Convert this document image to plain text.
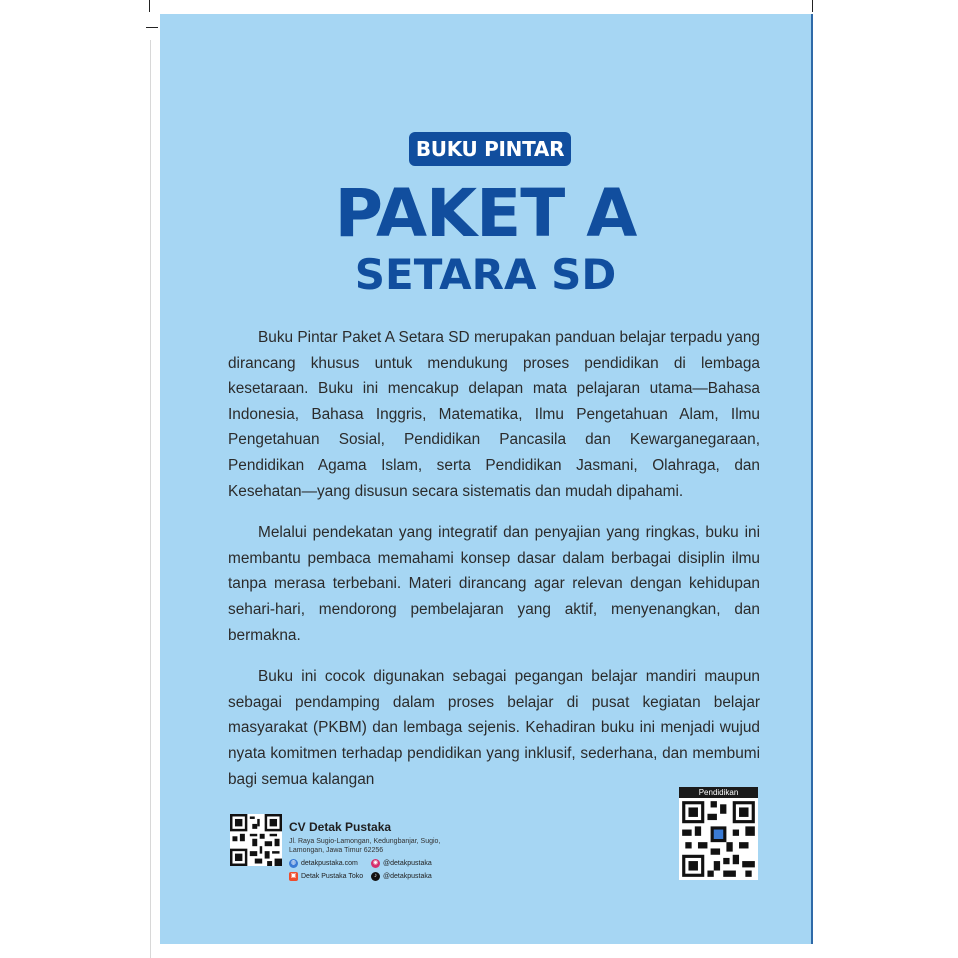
BUKU PINTAR
PAKET A
SETARA SD

Buku Pintar Paket A Setara SD merupakan panduan belajar terpadu yang dirancang khusus untuk mendukung proses pendidikan di lembaga kesetaraan. Buku ini mencakup delapan mata pelajaran utama—Bahasa Indonesia, Bahasa Inggris, Matematika, Ilmu Pengetahuan Alam, Ilmu Pengetahuan Sosial, Pendidikan Pancasila dan Kewarganegaraan, Pendidikan Agama Islam, serta Pendidikan Jasmani, Olahraga, dan Kesehatan—yang disusun secara sistematis dan mudah dipahami.

Melalui pendekatan yang integratif dan penyajian yang ringkas, buku ini membantu pembaca memahami konsep dasar dalam berbagai disiplin ilmu tanpa merasa terbebani. Materi dirancang agar relevan dengan kehidupan sehari-hari, mendorong pembelajaran yang aktif, menyenangkan, dan bermakna.

Buku ini cocok digunakan sebagai pegangan belajar mandiri maupun sebagai pendamping dalam proses belajar di pusat kegiatan belajar masyarakat (PKBM) dan lembaga sejenis. Kehadiran buku ini menjadi wujud nyata komitmen terhadap pendidikan yang inklusif, sederhana, dan membumi bagi semua kalangan

CV Detak Pustaka
Jl. Raya Sugio-Lamongan, Kedungbanjar, Sugio, Lamongan, Jawa Timur 62256
◍ detakpustaka.com	◉ @detakpustaka
▣ Detak Pustaka Toko	♪ @detakpustaka
Pendidikan
